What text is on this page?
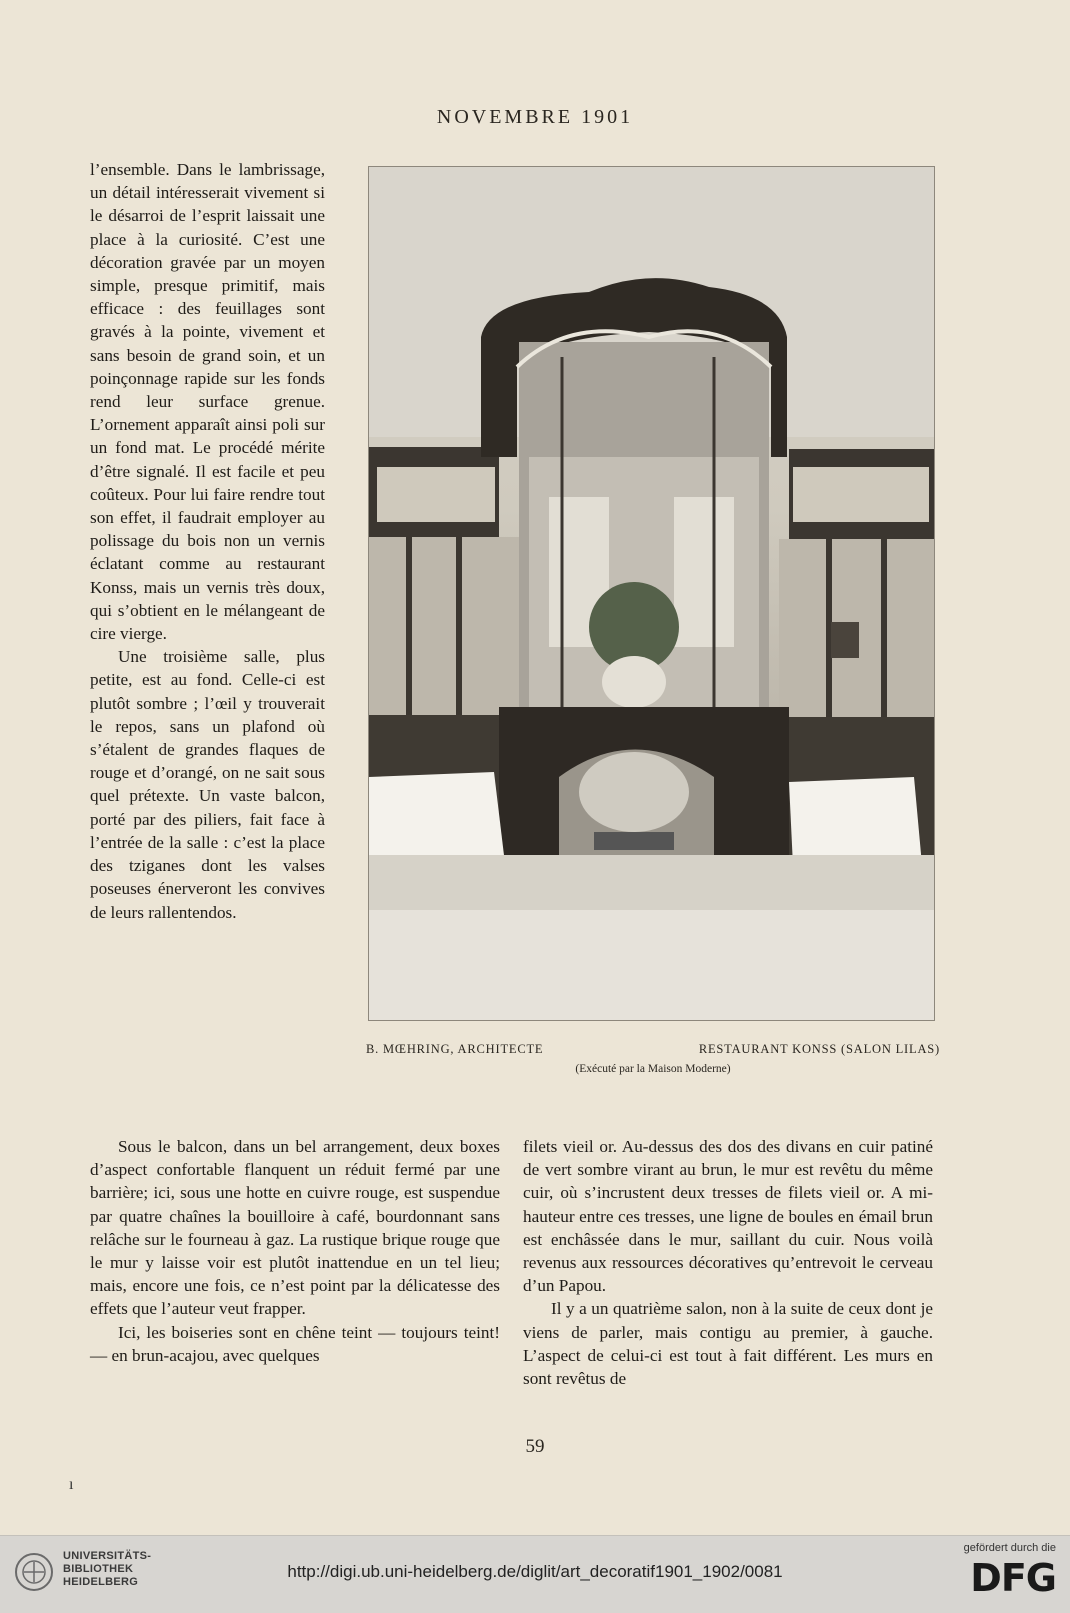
NOVEMBRE 1901

l’ensemble. Dans le lambrissage, un détail intéresserait vivement si le désarroi de l’esprit laissait une place à la curiosité. C’est une décoration gravée par un moyen simple, presque primitif, mais efficace : des feuillages sont gravés à la pointe, vivement et sans besoin de grand soin, et un poinçonnage rapide sur les fonds rend leur surface grenue. L’ornement apparaît ainsi poli sur un fond mat. Le procédé mérite d’être signalé. Il est facile et peu coûteux. Pour lui faire rendre tout son effet, il faudrait employer au polissage du bois non un vernis éclatant comme au restaurant Konss, mais un vernis très doux, qui s’obtient en le mélangeant de cire vierge.

Une troisième salle, plus petite, est au fond. Celle-ci est plutôt sombre ; l’œil y trouverait le repos, sans un plafond où s’étalent de grandes flaques de rouge et d’orangé, on ne sait sous quel prétexte. Un vaste balcon, porté par des piliers, fait face à l’entrée de la salle : c’est la place des tziganes dont les valses poseuses énerveront les convives de leurs rallentendos.

B. MŒHRING, ARCHITECTE	RESTAURANT KONSS (SALON LILAS)
(Exécuté par la Maison Moderne)

Sous le balcon, dans un bel arrangement, deux boxes d’aspect confortable flanquent un réduit fermé par une barrière; ici, sous une hotte en cuivre rouge, est suspendue par quatre chaînes la bouilloire à café, bourdonnant sans relâche sur le fourneau à gaz. La rustique brique rouge que le mur y laisse voir est plutôt inattendue en un tel lieu; mais, encore une fois, ce n’est point par la délicatesse des effets que l’auteur veut frapper.

Ici, les boiseries sont en chêne teint — toujours teint! — en brun-acajou, avec quelques

filets vieil or. Au-dessus des dos des divans en cuir patiné de vert sombre virant au brun, le mur est revêtu du même cuir, où s’incrustent deux tresses de filets vieil or. A mi-hauteur entre ces tresses, une ligne de boules en émail brun est enchâssée dans le mur, saillant du cuir. Nous voilà revenus aux ressources décoratives qu’entrevoit le cerveau d’un Papou.

Il y a un quatrième salon, non à la suite de ceux dont je viens de parler, mais contigu au premier, à gauche. L’aspect de celui-ci est tout à fait différent. Les murs en sont revêtus de

59
ı
UNIVERSITÄTS-
BIBLIOTHEK
HEIDELBERG
http://digi.ub.uni-heidelberg.de/diglit/art_decoratif1901_1902/0081
gefördert durch die
DFG
